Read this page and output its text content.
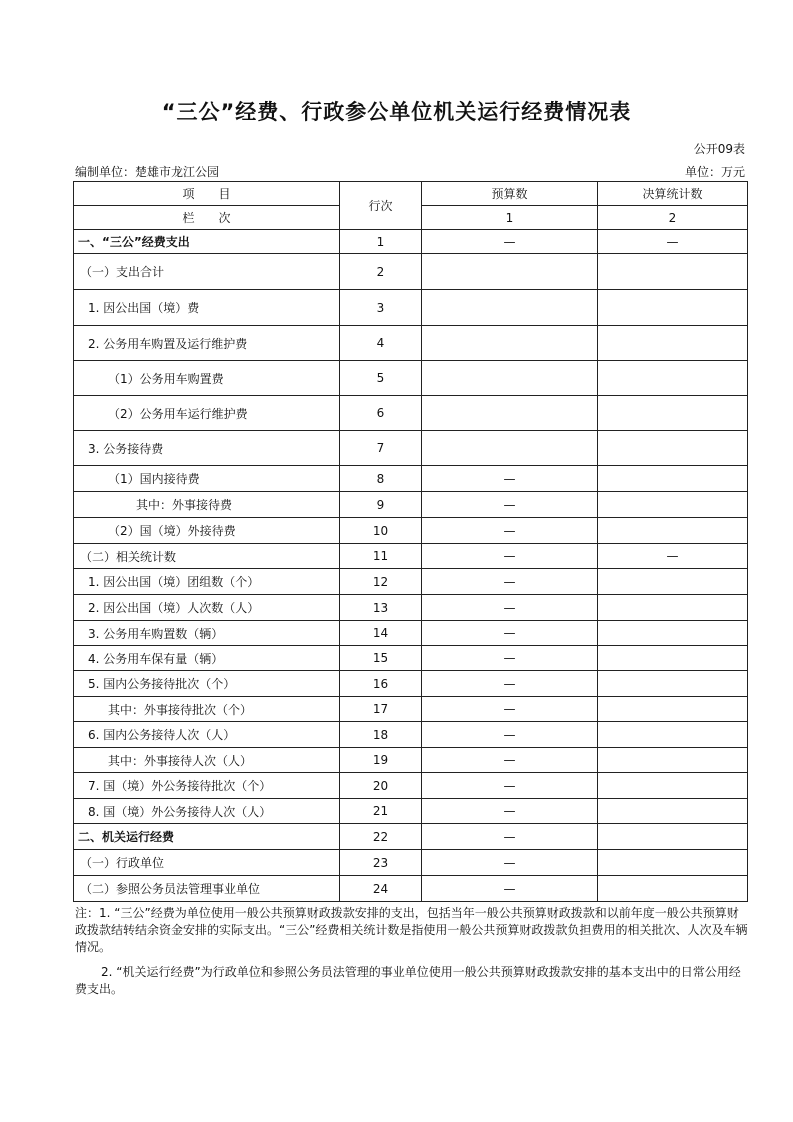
“三公”经费、行政参公单位机关运行经费情况表
公开09表
编制单位：楚雄市龙江公园	单位：万元
项　　目	行次	预算数	决算统计数
栏　　次		1	2
一、“三公”经费支出	1	—	—
（一）支出合计	2		
1. 因公出国（境）费	3		
2. 公务用车购置及运行维护费	4		
（1）公务用车购置费	5		
（2）公务用车运行维护费	6		
3. 公务接待费	7		
（1）国内接待费	8	—	
其中：外事接待费	9	—	
（2）国（境）外接待费	10	—	
（二）相关统计数	11	—	—
1. 因公出国（境）团组数（个）	12	—	
2. 因公出国（境）人次数（人）	13	—	
3. 公务用车购置数（辆）	14	—	
4. 公务用车保有量（辆）	15	—	
5. 国内公务接待批次（个）	16	—	
其中：外事接待批次（个）	17	—	
6. 国内公务接待人次（人）	18	—	
其中：外事接待人次（人）	19	—	
7. 国（境）外公务接待批次（个）	20	—	
8. 国（境）外公务接待人次（人）	21	—	
二、机关运行经费	22	—	
（一）行政单位	23	—	
（二）参照公务员法管理事业单位	24	—	

注：1. “三公”经费为单位使用一般公共预算财政拨款安排的支出，包括当年一般公共预算财政拨款和以前年度一般公共预算财政拨款结转结余资金安排的实际支出。“三公”经费相关统计数是指使用一般公共预算财政拨款负担费用的相关批次、人次及车辆情况。

2. “机关运行经费”为行政单位和参照公务员法管理的事业单位使用一般公共预算财政拨款安排的基本支出中的日常公用经费支出。
